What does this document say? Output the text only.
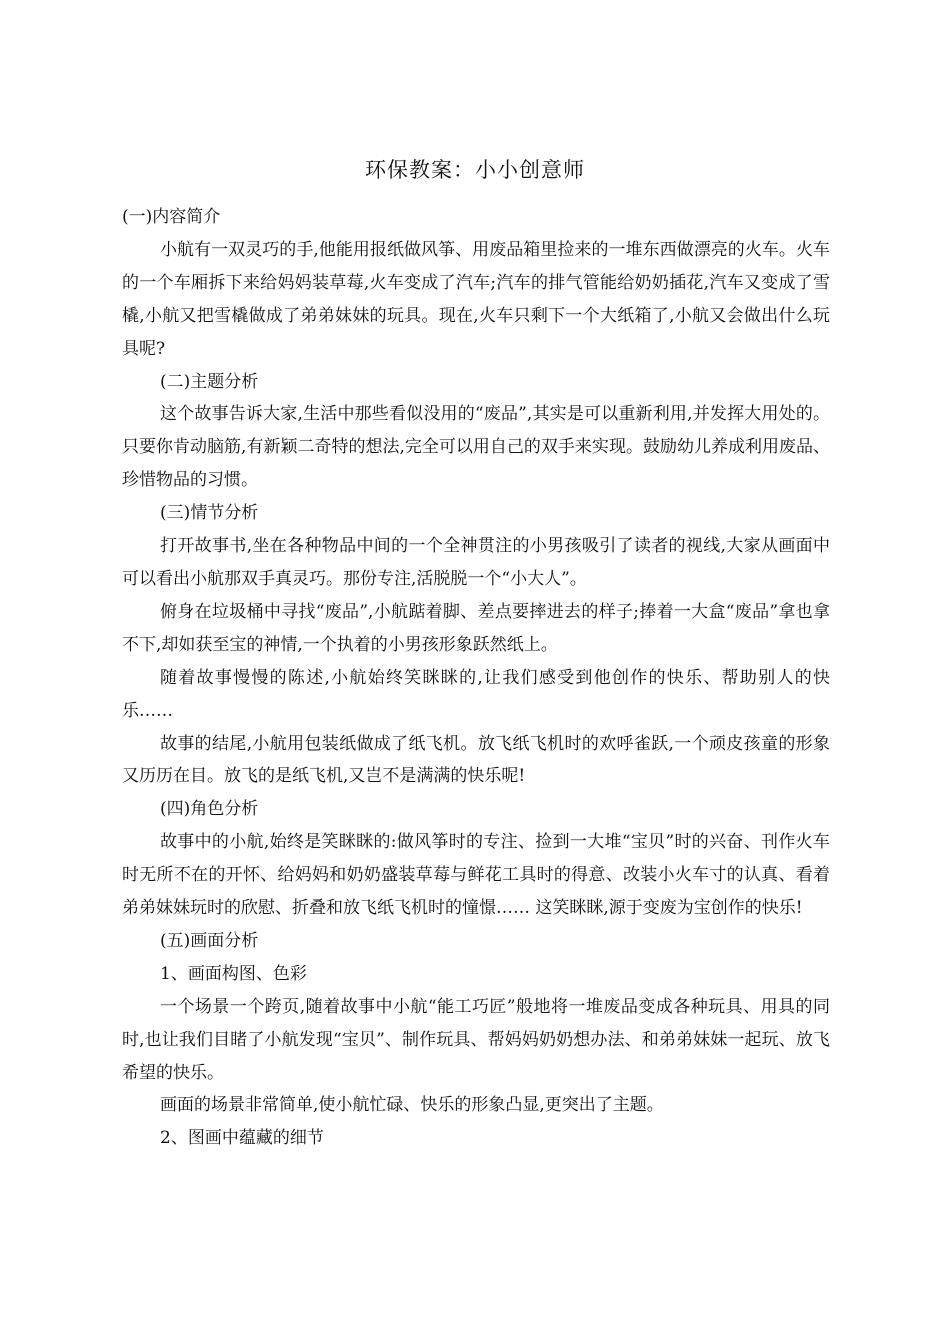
环保教案：小小创意师

(一)内容简介

小航有一双灵巧的手,他能用报纸做风筝、用废品箱里捡来的一堆东西做漂亮的火车。火车的一个车厢拆下来给妈妈装草莓,火车变成了汽车;汽车的排气管能给奶奶插花,汽车又变成了雪橇,小航又把雪橇做成了弟弟妹妹的玩具。现在,火车只剩下一个大纸箱了,小航又会做出什么玩具呢?

(二)主题分析

这个故事告诉大家,生活中那些看似没用的“废品”,其实是可以重新利用,并发挥大用处的。只要你肯动脑筋,有新颖二奇特的想法,完全可以用自己的双手来实现。鼓励幼儿养成利用废品、珍惜物品的习惯。

(三)情节分析

打开故事书,坐在各种物品中间的一个全神贯注的小男孩吸引了读者的视线,大家从画面中可以看出小航那双手真灵巧。那份专注,活脱脱一个“小大人”。

俯身在垃圾桶中寻找“废品”,小航踮着脚、差点要摔进去的样子;捧着一大盒“废品”拿也拿不下,却如获至宝的神情,一个执着的小男孩形象跃然纸上。

随着故事慢慢的陈述,小航始终笑眯眯的,让我们感受到他创作的快乐、帮助别人的快乐……

故事的结尾,小航用包装纸做成了纸飞机。放飞纸飞机时的欢呼雀跃,一个顽皮孩童的形象又历历在目。放飞的是纸飞机,又岂不是满满的快乐呢!

(四)角色分析

故事中的小航,始终是笑眯眯的:做风筝时的专注、捡到一大堆“宝贝”时的兴奋、刊作火车时无所不在的开怀、给妈妈和奶奶盛装草莓与鲜花工具时的得意、改装小火车寸的认真、看着弟弟妹妹玩时的欣慰、折叠和放飞纸飞机时的憧憬…… 这笑眯眯,源于变废为宝创作的快乐!

(五)画面分析

1、画面构图、色彩

一个场景一个跨页,随着故事中小航“能工巧匠”般地将一堆废品变成各种玩具、用具的同时,也让我们目睹了小航发现“宝贝”、制作玩具、帮妈妈奶奶想办法、和弟弟妹妹一起玩、放飞希望的快乐。

画面的场景非常简单,使小航忙碌、快乐的形象凸显,更突出了主题。

2、图画中蕴藏的细节
